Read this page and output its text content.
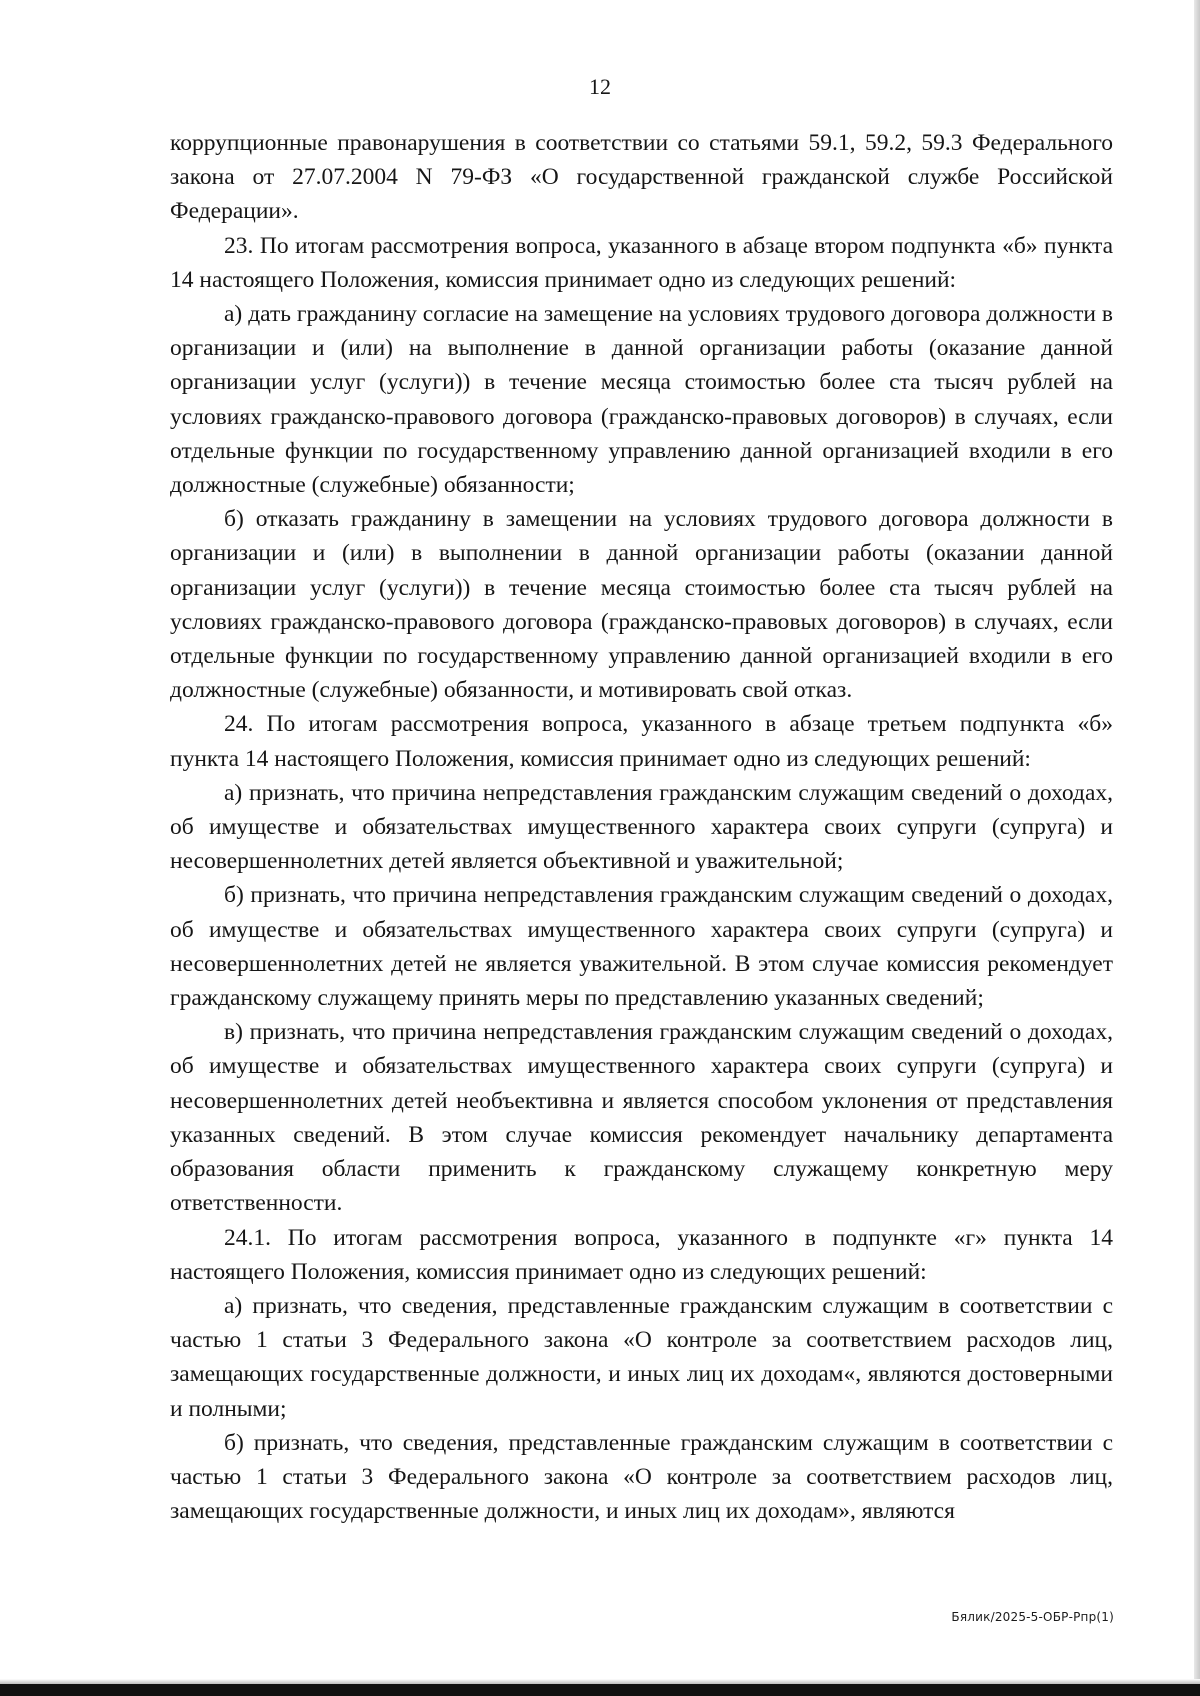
12

коррупционные правонарушения в соответствии со статьями 59.1, 59.2, 59.3 Федерального закона от 27.07.2004 N 79-ФЗ «О государственной гражданской службе Российской Федерации».

23. По итогам рассмотрения вопроса, указанного в абзаце втором подпункта «б» пункта 14 настоящего Положения, комиссия принимает одно из следующих решений:

а) дать гражданину согласие на замещение на условиях трудового договора должности в организации и (или) на выполнение в данной организации работы (оказание данной организации услуг (услуги)) в течение месяца стоимостью более ста тысяч рублей на условиях гражданско-правового договора (гражданско-правовых договоров) в случаях, если отдельные функции по государственному управлению данной организацией входили в его должностные (служебные) обязанности;

б) отказать гражданину в замещении на условиях трудового договора должности в организации и (или) в выполнении в данной организации работы (оказании данной организации услуг (услуги)) в течение месяца стоимостью более ста тысяч рублей на условиях гражданско-правового договора (гражданско-правовых договоров) в случаях, если отдельные функции по государственному управлению данной организацией входили в его должностные (служебные) обязанности, и мотивировать свой отказ.

24. По итогам рассмотрения вопроса, указанного в абзаце третьем подпункта «б» пункта 14 настоящего Положения, комиссия принимает одно из следующих решений:

а) признать, что причина непредставления гражданским служащим сведений о доходах, об имуществе и обязательствах имущественного характера своих супруги (супруга) и несовершеннолетних детей является объективной и уважительной;

б) признать, что причина непредставления гражданским служащим сведений о доходах, об имуществе и обязательствах имущественного характера своих супруги (супруга) и несовершеннолетних детей не является уважительной. В этом случае комиссия рекомендует гражданскому служащему принять меры по представлению указанных сведений;

в) признать, что причина непредставления гражданским служащим сведений о доходах, об имуществе и обязательствах имущественного характера своих супруги (супруга) и несовершеннолетних детей необъективна и является способом уклонения от представления указанных сведений. В этом случае комиссия рекомендует начальнику департамента образования области применить к гражданскому служащему конкретную меру ответственности.

24.1. По итогам рассмотрения вопроса, указанного в подпункте «г» пункта 14 настоящего Положения, комиссия принимает одно из следующих решений:

а) признать, что сведения, представленные гражданским служащим в соответствии с частью 1 статьи 3 Федерального закона «О контроле за соответствием расходов лиц, замещающих государственные должности, и иных лиц их доходам«, являются достоверными и полными;

б) признать, что сведения, представленные гражданским служащим в соответствии с частью 1 статьи 3 Федерального закона «О контроле за соответствием расходов лиц, замещающих государственные должности, и иных лиц их доходам», являются

Бялик/2025-5-ОБР-Рпр(1)
